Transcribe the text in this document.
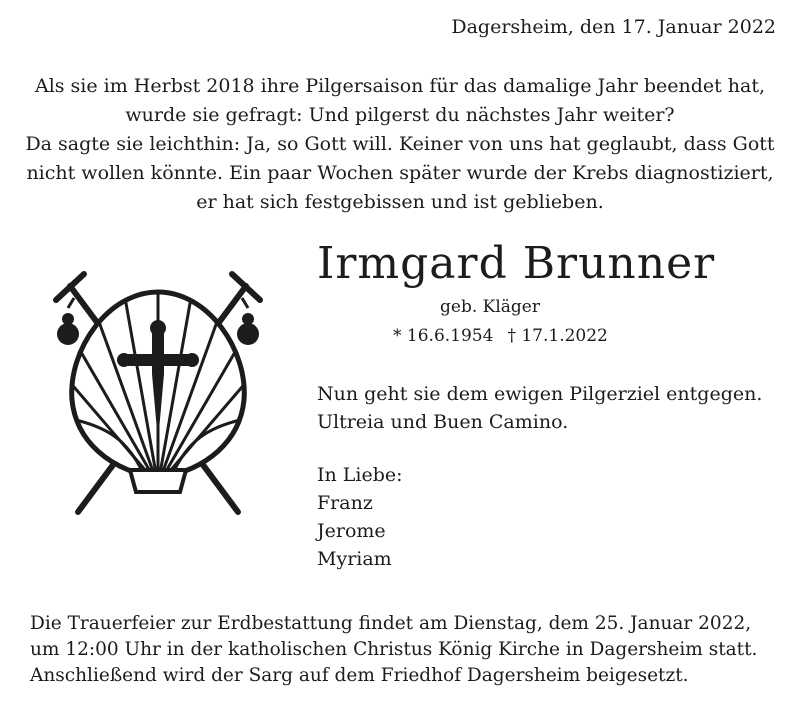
Dagersheim, den 17. Januar 2022
Als sie im Herbst 2018 ihre Pilgersaison für das damalige Jahr beendet hat,
wurde sie gefragt: Und pilgerst du nächstes Jahr weiter?
Da sagte sie leichthin: Ja, so Gott will. Keiner von uns hat geglaubt, dass Gott
nicht wollen könnte. Ein paar Wochen später wurde der Krebs diagnostiziert,
er hat sich festgebissen und ist geblieben.
Irmgard Brunner
geb. Kläger
* 16.6.1954 † 17.1.2022
Nun geht sie dem ewigen Pilgerziel entgegen.
Ultreia und Buen Camino.
In Liebe:
Franz
Jerome
Myriam
Die Trauerfeier zur Erdbestattung findet am Dienstag, dem 25. Januar 2022,
um 12:00 Uhr in der katholischen Christus König Kirche in Dagersheim statt.
Anschließend wird der Sarg auf dem Friedhof Dagersheim beigesetzt.
